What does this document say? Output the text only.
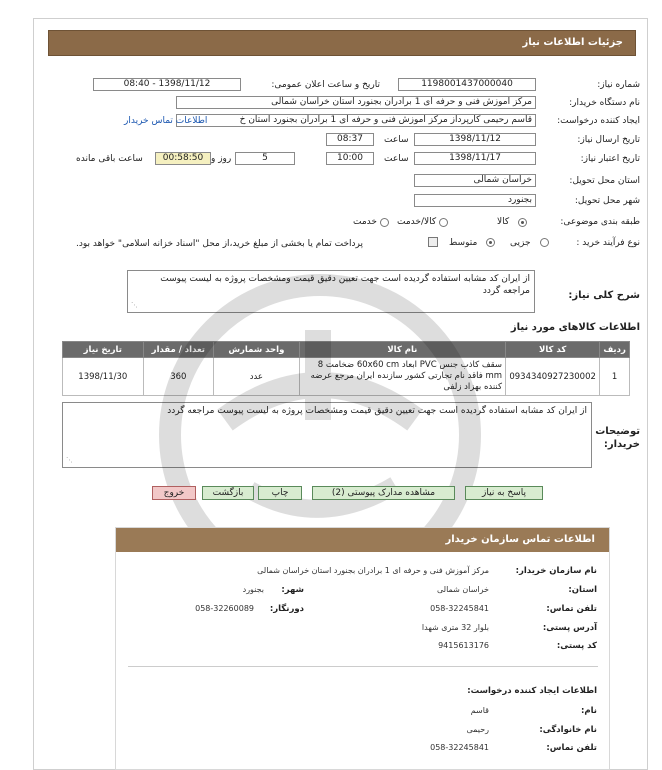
جزئیات اطلاعات نیاز
شماره نیاز:
1198001437000040
تاریخ و ساعت اعلان عمومی:
1398/11/12 - 08:40
نام دستگاه خریدار:
مرکز آموزش فنی و حرفه ای 1 برادران بجنورد استان خراسان شمالی
ایجاد کننده درخواست:
قاسم رحیمی کارپرداز مرکز آموزش فنی و حرفه ای 1 برادران بجنورد استان خ
اطلاعات تماس خریدار
تاریخ ارسال نیاز:
1398/11/12
ساعت
08:37
تاریخ اعتبار نیاز:
1398/11/17
ساعت
10:00
5
روز و
00:58:50
ساعت باقی مانده
استان محل تحویل:
خراسان شمالی
شهر محل تحویل:
بجنورد
طبقه بندی موضوعی:
کالا
کالا/خدمت
خدمت
نوع فرآیند خرید :
جزیی
متوسط
پرداخت تمام یا بخشی از مبلغ خرید،از محل "اسناد خزانه اسلامی" خواهد بود.
شرح کلی نیاز:
از ایران کد مشابه استفاده گردیده است جهت تعیین دقیق قیمت ومشخصات پروژه به لیست پیوست مراجعه گردد
⋰
اطلاعات کالاهای مورد نیاز
ردیف	کد کالا	نام کالا	واحد شمارش	تعداد / مقدار	تاریخ نیاز
1	0934340927230002	سقف کاذب جنس PVC ابعاد 60x60 cm ضخامت 8 mm فاقد نام تجارتی کشور سازنده ایران مرجع عرضه کننده بهزاد زلفی	عدد	360	1398/11/30
توضیحات خریدار:
از ایران کد مشابه استفاده گردیده است جهت تعیین دقیق قیمت ومشخصات پروژه به لیست پیوست مراجعه گردد
⋰
پاسخ به نیاز
مشاهده مدارک پیوستی (2)
چاپ
بازگشت
خروج
اطلاعات تماس سازمان خریدار
نام سازمان خریدار:
مرکز آموزش فنی و حرفه ای 1 برادران بجنورد استان خراسان شمالی
استان:
خراسان شمالی
شهر:
بجنورد
تلفن تماس:
058-32245841
دورنگار:
058-32260089
آدرس پستی:
بلوار 32 متری شهدا
کد پستی:
9415613176
اطلاعات ایجاد کننده درخواست:
نام:
قاسم
نام خانوادگی:
رحیمی
تلفن تماس:
058-32245841
